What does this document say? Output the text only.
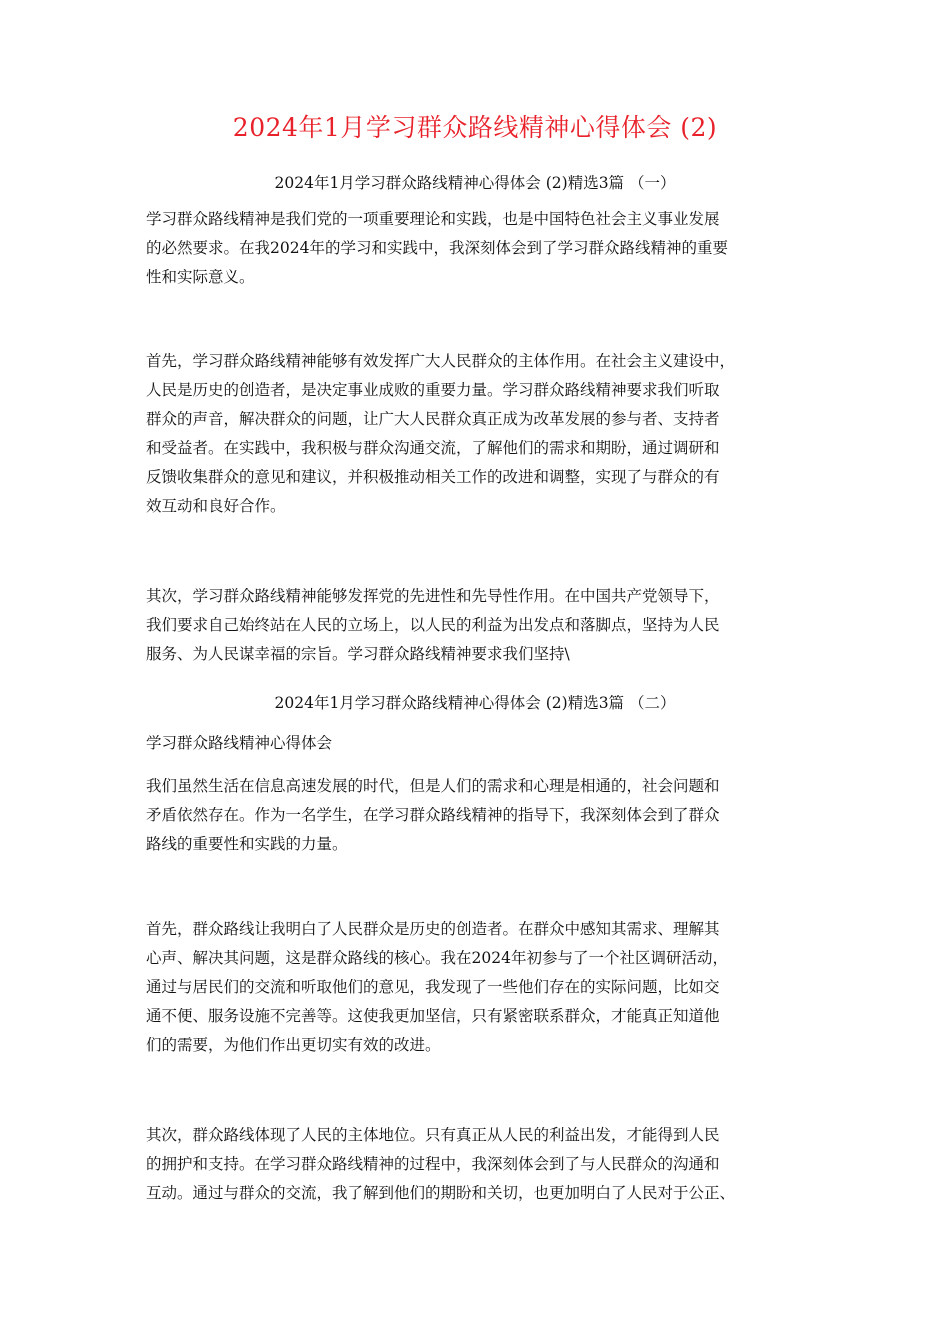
2024年1月学习群众路线精神心得体会 (2)
2024年1月学习群众路线精神心得体会 (2)精选3篇 （一）
学习群众路线精神是我们党的一项重要理论和实践，也是中国特色社会主义事业发展
的必然要求。在我2024年的学习和实践中，我深刻体会到了学习群众路线精神的重要
性和实际意义。
首先，学习群众路线精神能够有效发挥广大人民群众的主体作用。在社会主义建设中，
人民是历史的创造者，是决定事业成败的重要力量。学习群众路线精神要求我们听取
群众的声音，解决群众的问题，让广大人民群众真正成为改革发展的参与者、支持者
和受益者。在实践中，我积极与群众沟通交流，了解他们的需求和期盼，通过调研和
反馈收集群众的意见和建议，并积极推动相关工作的改进和调整，实现了与群众的有
效互动和良好合作。
其次，学习群众路线精神能够发挥党的先进性和先导性作用。在中国共产党领导下，
我们要求自己始终站在人民的立场上，以人民的利益为出发点和落脚点，坚持为人民
服务、为人民谋幸福的宗旨。学习群众路线精神要求我们坚持\
2024年1月学习群众路线精神心得体会 (2)精选3篇 （二）
学习群众路线精神心得体会
我们虽然生活在信息高速发展的时代，但是人们的需求和心理是相通的，社会问题和
矛盾依然存在。作为一名学生，在学习群众路线精神的指导下，我深刻体会到了群众
路线的重要性和实践的力量。
首先，群众路线让我明白了人民群众是历史的创造者。在群众中感知其需求、理解其
心声、解决其问题，这是群众路线的核心。我在2024年初参与了一个社区调研活动，
通过与居民们的交流和听取他们的意见，我发现了一些他们存在的实际问题，比如交
通不便、服务设施不完善等。这使我更加坚信，只有紧密联系群众，才能真正知道他
们的需要，为他们作出更切实有效的改进。
其次，群众路线体现了人民的主体地位。只有真正从人民的利益出发，才能得到人民
的拥护和支持。在学习群众路线精神的过程中，我深刻体会到了与人民群众的沟通和
互动。通过与群众的交流，我了解到他们的期盼和关切，也更加明白了人民对于公正、
